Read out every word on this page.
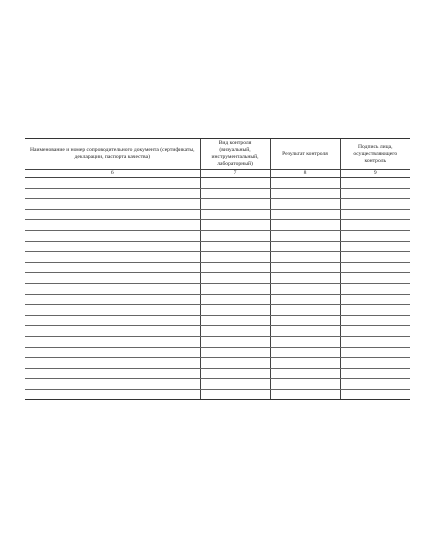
Наименование и номер сопроводительного документа (сертификаты, декларации, паспорта качества)	Вид контроля (визуальный, инструментальный, лабораторный)	Результат контроля	Подпись лица, осуществляющего контроль
6	7	8	9
